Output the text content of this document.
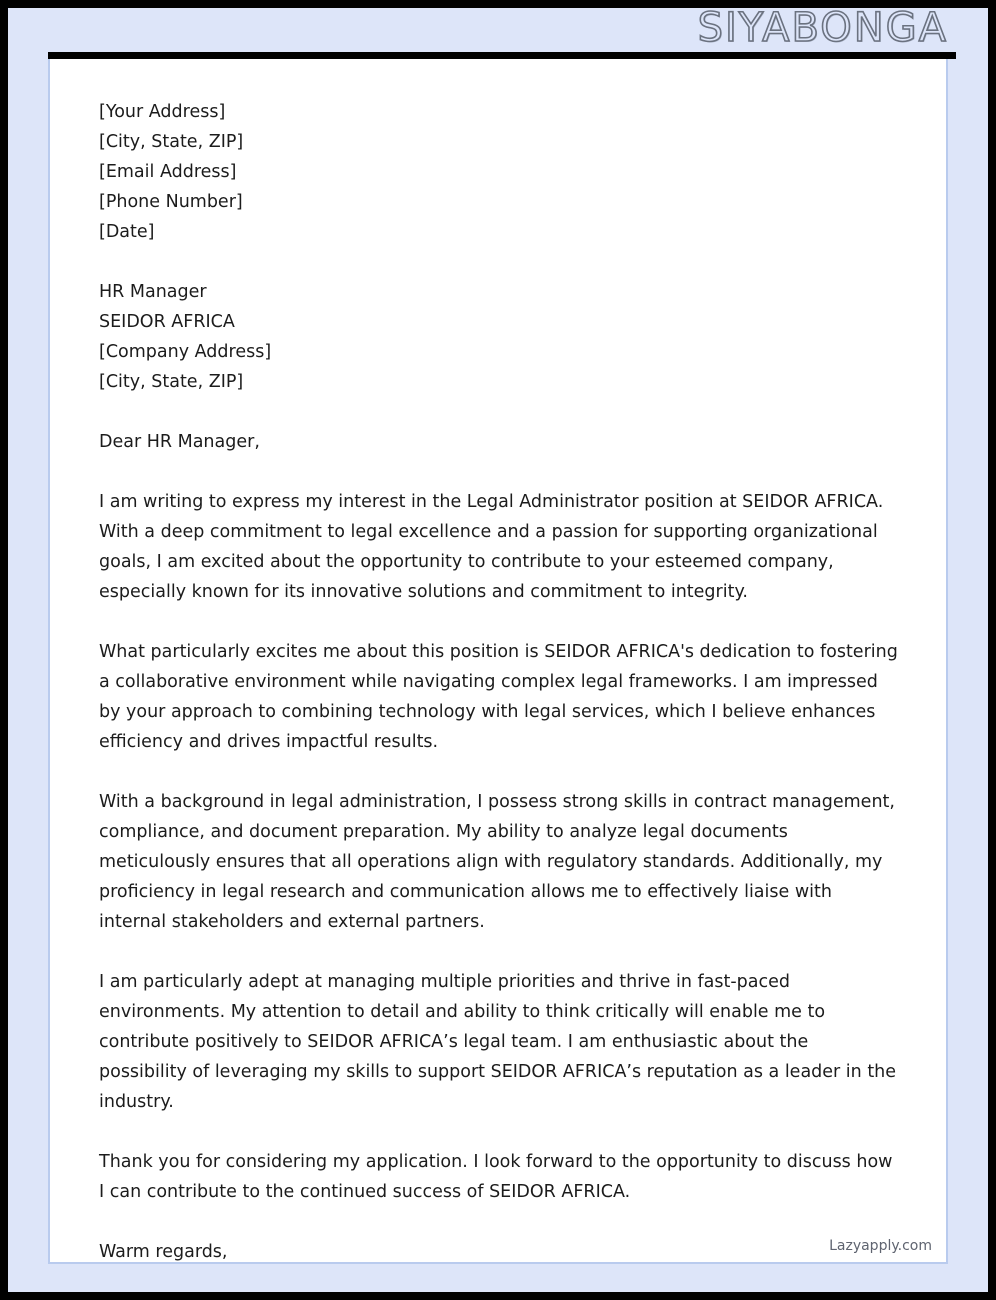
SIYABONGA
[Your Address]
[City, State, ZIP]
[Email Address]
[Phone Number]
[Date]
HR Manager
SEIDOR AFRICA
[Company Address]
[City, State, ZIP]

Dear HR Manager,

I am writing to express my interest in the Legal Administrator position at SEIDOR AFRICA. With a deep commitment to legal excellence and a passion for supporting organizational goals, I am excited about the opportunity to contribute to your esteemed company, especially known for its innovative solutions and commitment to integrity.

What particularly excites me about this position is SEIDOR AFRICA's dedication to fostering a collaborative environment while navigating complex legal frameworks. I am impressed by your approach to combining technology with legal services, which I believe enhances efficiency and drives impactful results.

With a background in legal administration, I possess strong skills in contract management, compliance, and document preparation. My ability to analyze legal documents meticulously ensures that all operations align with regulatory standards. Additionally, my proficiency in legal research and communication allows me to effectively liaise with internal stakeholders and external partners.

I am particularly adept at managing multiple priorities and thrive in fast-paced environments. My attention to detail and ability to think critically will enable me to contribute positively to SEIDOR AFRICA’s legal team. I am enthusiastic about the possibility of leveraging my skills to support SEIDOR AFRICA’s reputation as a leader in the industry.

Thank you for considering my application. I look forward to the opportunity to discuss how I can contribute to the continued success of SEIDOR AFRICA.

Warm regards,	Lazyapply.com
